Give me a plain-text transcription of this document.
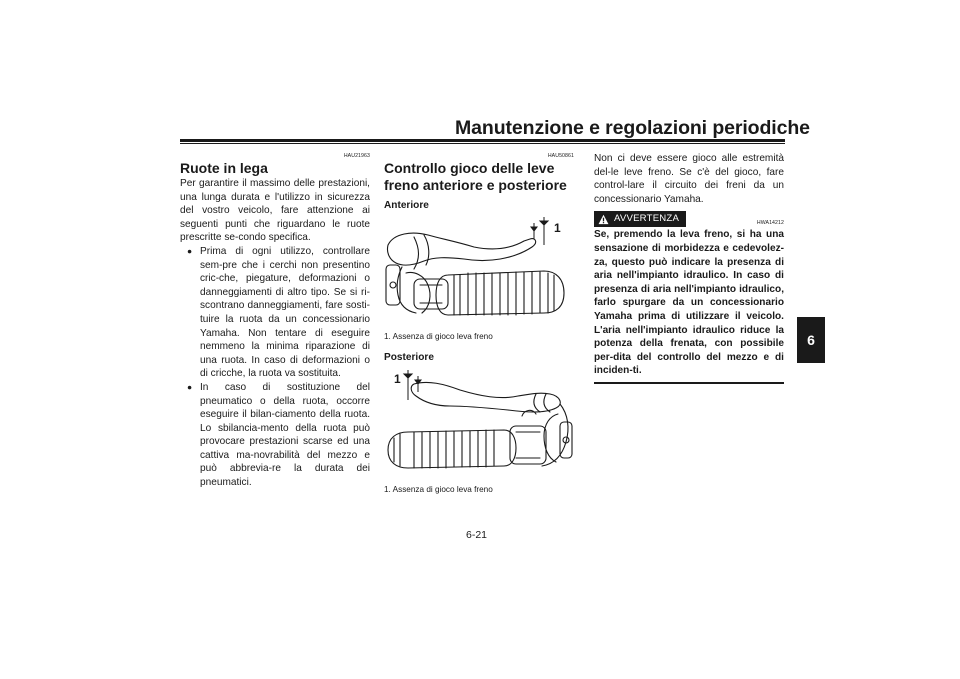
Manutenzione e regolazioni periodiche
6
HAU21963
Ruote in lega

Per garantire il massimo delle prestazioni, una lunga durata e l'utilizzo in sicurezza del vostro veicolo, fare attenzione ai seguenti punti che riguardano le ruote prescritte se-condo specifica.

● Prima di ogni utilizzo, controllare sem-pre che i cerchi non presentino cric-che, piegature, deformazioni o danneggiamenti di altro tipo. Se si ri-scontrano danneggiamenti, fare sosti-tuire la ruota da un concessionario Yamaha. Non tentare di eseguire nemmeno la minima riparazione di una ruota. In caso di deformazioni o di cricche, la ruota va sostituita.
● In caso di sostituzione del pneumatico o della ruota, occorre eseguire il bilan-ciamento della ruota. Lo sbilancia-mento della ruota può provocare prestazioni scarse ed una cattiva ma-novrabilità del mezzo e può abbrevia-re la durata dei pneumatici.
HAU50861
Controllo gioco delle leve freno anteriore e posteriore
Anteriore
1
1. Assenza di gioco leva freno
Posteriore
1
1. Assenza di gioco leva freno

Non ci deve essere gioco alle estremità del-le leve freno. Se c'è del gioco, fare control-lare il circuito dei freni da un concessionario Yamaha.

AVVERTENZA	HWA14212

Se, premendo la leva freno, si ha una sensazione di morbidezza e cedevolez-za, questo può indicare la presenza di aria nell'impianto idraulico. In caso di presenza di aria nell'impianto idraulico, farlo spurgare da un concessionario Yamaha prima di utilizzare il veicolo. L'aria nell'impianto idraulico riduce la potenza della frenata, con possibile per-dita del controllo del mezzo e di inciden-ti.

6-21
